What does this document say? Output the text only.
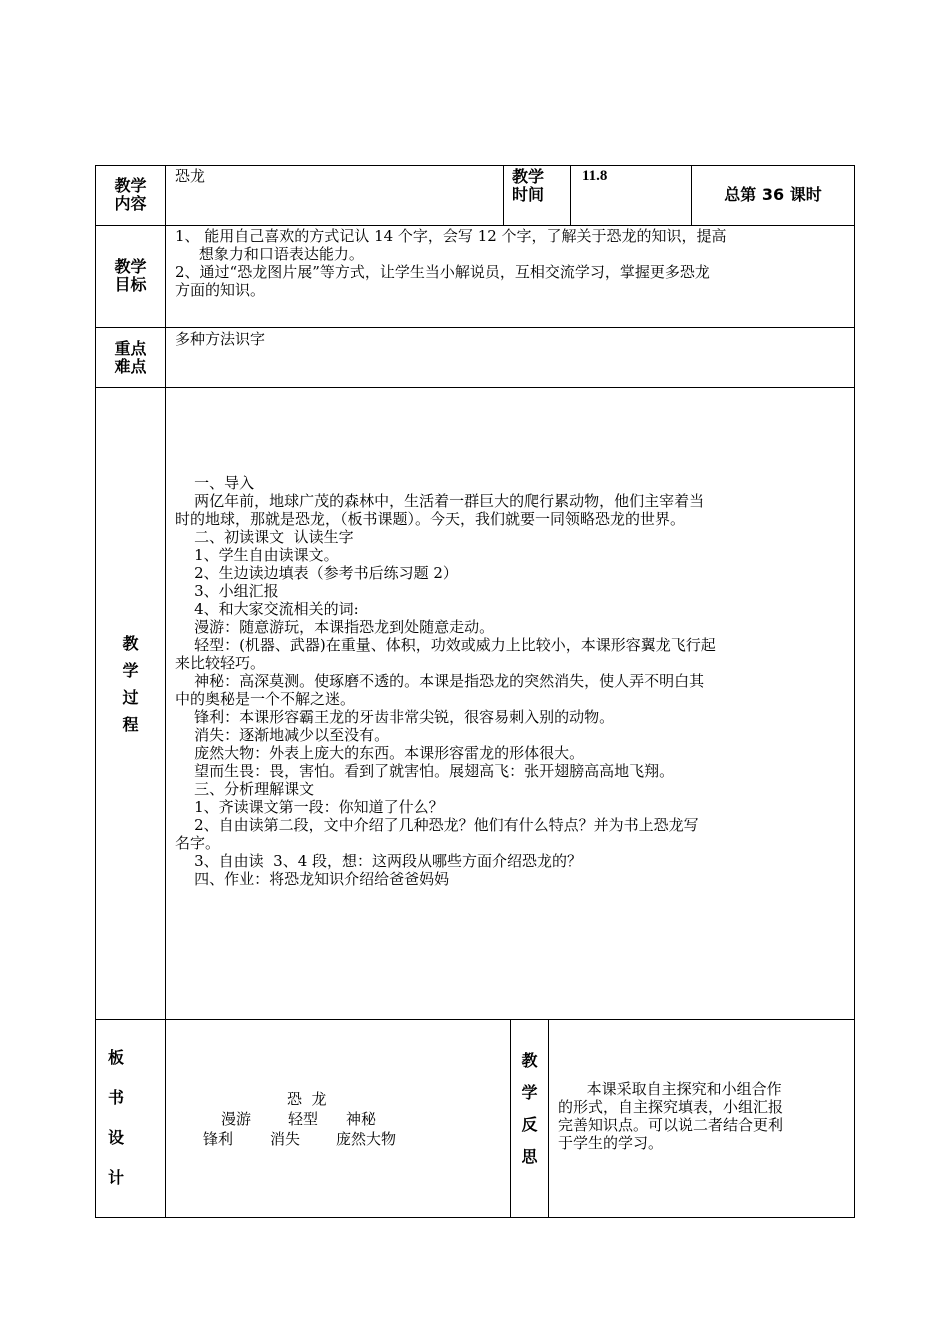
教学
内容
恐龙	教学
时间
11.8
总第 36 课时
教学
目标
1、 能用自己喜欢的方式记认 14 个字，会写 12 个字，了解关于恐龙的知识，提高
想象力和口语表达能力。
2、通过“恐龙图片展”等方式，让学生当小解说员，互相交流学习，掌握更多恐龙
方面的知识。
重点
难点
多种方法识字
教
学
过
程
一、导入
两亿年前，地球广茂的森林中，生活着一群巨大的爬行累动物，他们主宰着当
时的地球，那就是恐龙，（板书课题）。今天，我们就要一同领略恐龙的世界。
二、初读课文  认读生字
1、学生自由读课文。
2、生边读边填表（参考书后练习题 2）
3、小组汇报
4、和大家交流相关的词:
漫游：随意游玩，本课指恐龙到处随意走动。
轻型：(机器、武器)在重量、体积，功效或威力上比较小，本课形容翼龙飞行起
来比较轻巧。
神秘：高深莫测。使琢磨不透的。本课是指恐龙的突然消失，使人弄不明白其
中的奥秘是一个不解之迷。
锋利：本课形容霸王龙的牙齿非常尖锐，很容易刺入别的动物。
消失：逐渐地减少以至没有。
庞然大物：外表上庞大的东西。本课形容雷龙的形体很大。
望而生畏：畏，害怕。看到了就害怕。展翅高飞：张开翅膀高高地飞翔。
三、分析理解课文
1、齐读课文第一段：你知道了什么？
2、自由读第二段，文中介绍了几种恐龙？他们有什么特点？并为书上恐龙写
名字。
3、自由读  3、4 段，想：这两段从哪些方面介绍恐龙的？
四、作业：将恐龙知识介绍给爸爸妈妈
板
书
设
计
恐  龙
漫游 轻型 神秘
锋利 消失 庞然大物
教
学
反
思
本课采取自主探究和小组合作
的形式，自主探究填表，小组汇报
完善知识点。可以说二者结合更利
于学生的学习。
